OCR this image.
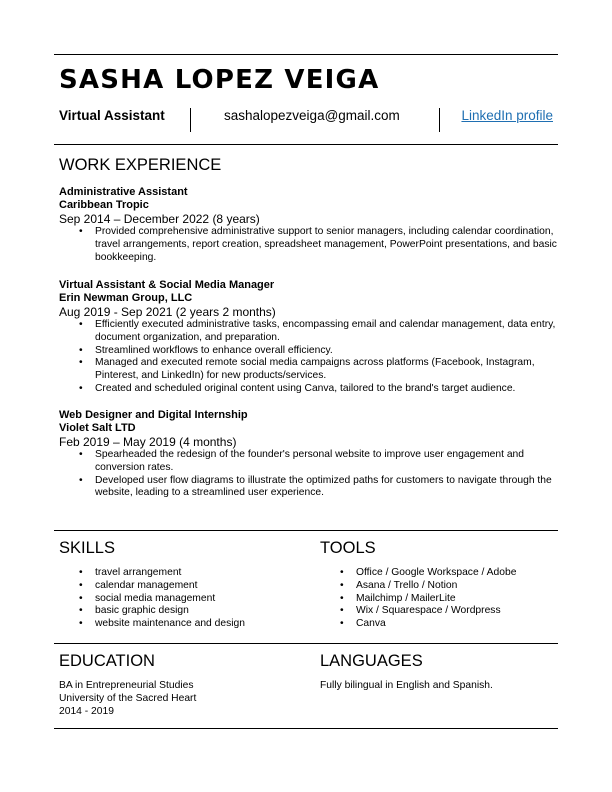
SASHA LOPEZ VEIGA
Virtual Assistant	sashalopezveiga@gmail.com	LinkedIn profile
WORK EXPERIENCE
Administrative Assistant
Caribbean Tropic
Sep 2014 – December 2022 (8 years)
• Provided comprehensive administrative support to senior managers, including calendar coordination, travel arrangements, report creation, spreadsheet management, PowerPoint presentations, and basic bookkeeping.
Virtual Assistant & Social Media Manager
Erin Newman Group, LLC
Aug 2019 - Sep 2021 (2 years 2 months)
• Efficiently executed administrative tasks, encompassing email and calendar management, data entry, document organization, and preparation.
• Streamlined workflows to enhance overall efficiency.
• Managed and executed remote social media campaigns across platforms (Facebook, Instagram, Pinterest, and LinkedIn) for new products/services.
• Created and scheduled original content using Canva, tailored to the brand's target audience.
Web Designer and Digital Internship
Violet Salt LTD
Feb 2019 – May 2019 (4 months)
• Spearheaded the redesign of the founder's personal website to improve user engagement and conversion rates.
• Developed user flow diagrams to illustrate the optimized paths for customers to navigate through the website, leading to a streamlined user experience.
SKILLS	TOOLS
• travel arrangement
• calendar management
• social media management
• basic graphic design
• website maintenance and design
• Office / Google Workspace / Adobe
• Asana / Trello / Notion
• Mailchimp / MailerLite
• Wix / Squarespace / Wordpress
• Canva
EDUCATION	LANGUAGES
BA in Entrepreneurial Studies
University of the Sacred Heart
2014 - 2019
Fully bilingual in English and Spanish.
